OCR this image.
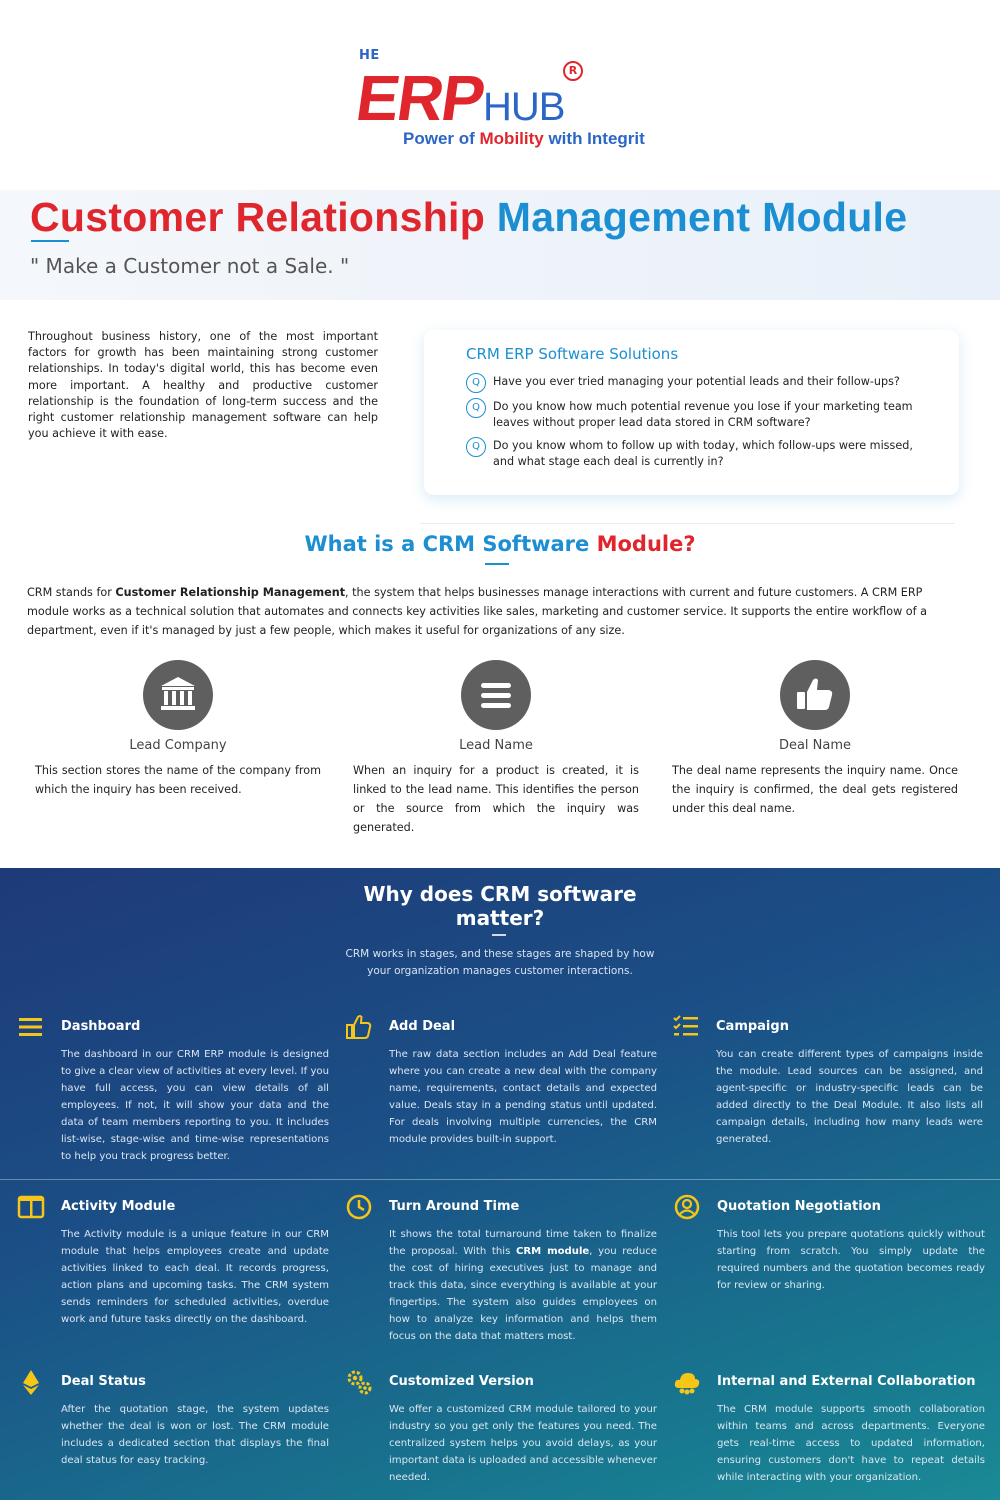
HE
ERP
HUB
R
Power of Mobility with Integrit
Customer Relationship Management Module
" Make a Customer not a Sale. "

Throughout business history, one of the most important factors for growth has been maintaining strong customer relationships. In today's digital world, this has become even more important. A healthy and productive customer relationship is the foundation of long-term success and the right customer relationship management software can help you achieve it with ease.

CRM ERP Software Solutions
Q	Have you ever tried managing your potential leads and their follow-ups?
Q	Do you know how much potential revenue you lose if your marketing team leaves without proper lead data stored in CRM software?
Q	Do you know whom to follow up with today, which follow-ups were missed, and what stage each deal is currently in?
What is a CRM Software Module?

CRM stands for Customer Relationship Management, the system that helps businesses manage interactions with current and future customers. A CRM ERP module works as a technical solution that automates and connects key activities like sales, marketing and customer service. It supports the entire workflow of a department, even if it's managed by just a few people, which makes it useful for organizations of any size.

Lead Company
This section stores the name of the company from which the inquiry has been received.
Lead Name
When an inquiry for a product is created, it is linked to the lead name. This identifies the person or the source from which the inquiry was generated.
Deal Name
The deal name represents the inquiry name. Once the inquiry is confirmed, the deal gets registered under this deal name.
Why does CRM software
matter?

CRM works in stages, and these stages are shaped by how your organization manages customer interactions.

Dashboard
The dashboard in our CRM ERP module is designed to give a clear view of activities at every level. If you have full access, you can view details of all employees. If not, it will show your data and the data of team members reporting to you. It includes list-wise, stage-wise and time-wise representations to help you track progress better.
Add Deal
The raw data section includes an Add Deal feature where you can create a new deal with the company name, requirements, contact details and expected value. Deals stay in a pending status until updated. For deals involving multiple currencies, the CRM module provides built-in support.
Campaign
You can create different types of campaigns inside the module. Lead sources can be assigned, and agent-specific or industry-specific leads can be added directly to the Deal Module. It also lists all campaign details, including how many leads were generated.
Activity Module
The Activity module is a unique feature in our CRM module that helps employees create and update activities linked to each deal. It records progress, action plans and upcoming tasks. The CRM system sends reminders for scheduled activities, overdue work and future tasks directly on the dashboard.
Turn Around Time
It shows the total turnaround time taken to finalize the proposal. With this CRM module, you reduce the cost of hiring executives just to manage and track this data, since everything is available at your fingertips. The system also guides employees on how to analyze key information and helps them focus on the data that matters most.
Quotation Negotiation
This tool lets you prepare quotations quickly without starting from scratch. You simply update the required numbers and the quotation becomes ready for review or sharing.
Deal Status
After the quotation stage, the system updates whether the deal is won or lost. The CRM module includes a dedicated section that displays the final deal status for easy tracking.
Customized Version
We offer a customized CRM module tailored to your industry so you get only the features you need. The centralized system helps you avoid delays, as your important data is uploaded and accessible whenever needed.
Internal and External Collaboration
The CRM module supports smooth collaboration within teams and across departments. Everyone gets real-time access to updated information, ensuring customers don't have to repeat details while interacting with your organization.
